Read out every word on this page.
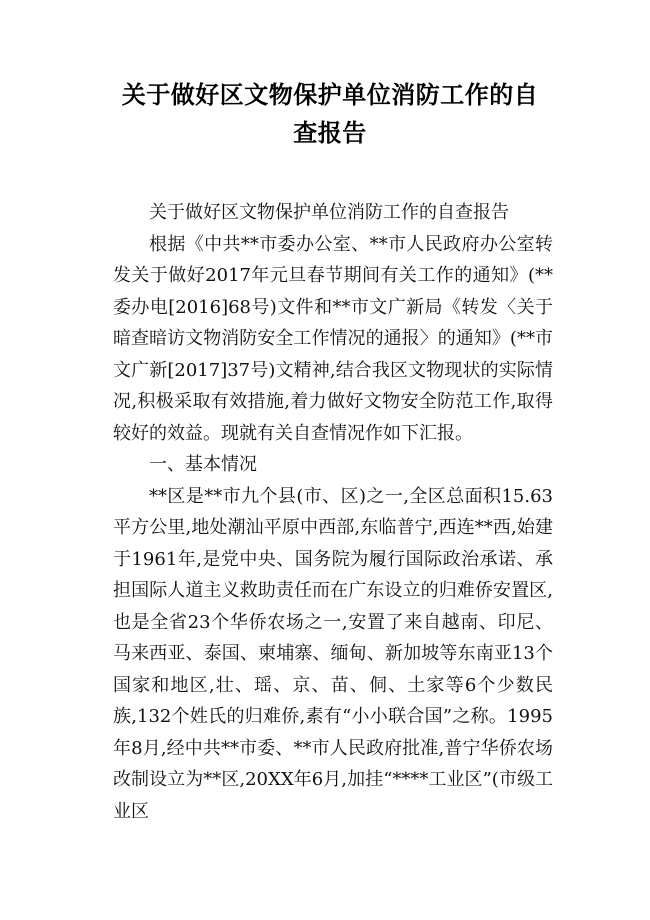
关于做好区文物保护单位消防工作的自查报告

关于做好区文物保护单位消防工作的自查报告

根据《中共**市委办公室、**市人民政府办公室转发关于做好2017年元旦春节期间有关工作的通知》(**委办电[2016]68号)文件和**市文广新局《转发〈关于暗查暗访文物消防安全工作情况的通报〉的通知》(**市文广新[2017]37号)文精神,结合我区文物现状的实际情况,积极采取有效措施,着力做好文物安全防范工作,取得较好的效益。现就有关自查情况作如下汇报。

一、基本情况

**区是**市九个县(市、区)之一,全区总面积15.63平方公里,地处潮汕平原中西部,东临普宁,西连**西,始建于1961年,是党中央、国务院为履行国际政治承诺、承担国际人道主义救助责任而在广东设立的归难侨安置区,也是全省23个华侨农场之一,安置了来自越南、印尼、马来西亚、泰国、柬埔寨、缅甸、新加坡等东南亚13个国家和地区,壮、瑶、京、苗、侗、土家等6个少数民族,132个姓氏的归难侨,素有“小小联合国”之称。1995年8月,经中共**市委、**市人民政府批准,普宁华侨农场改制设立为**区,20XX年6月,加挂“****工业区”(市级工业区
